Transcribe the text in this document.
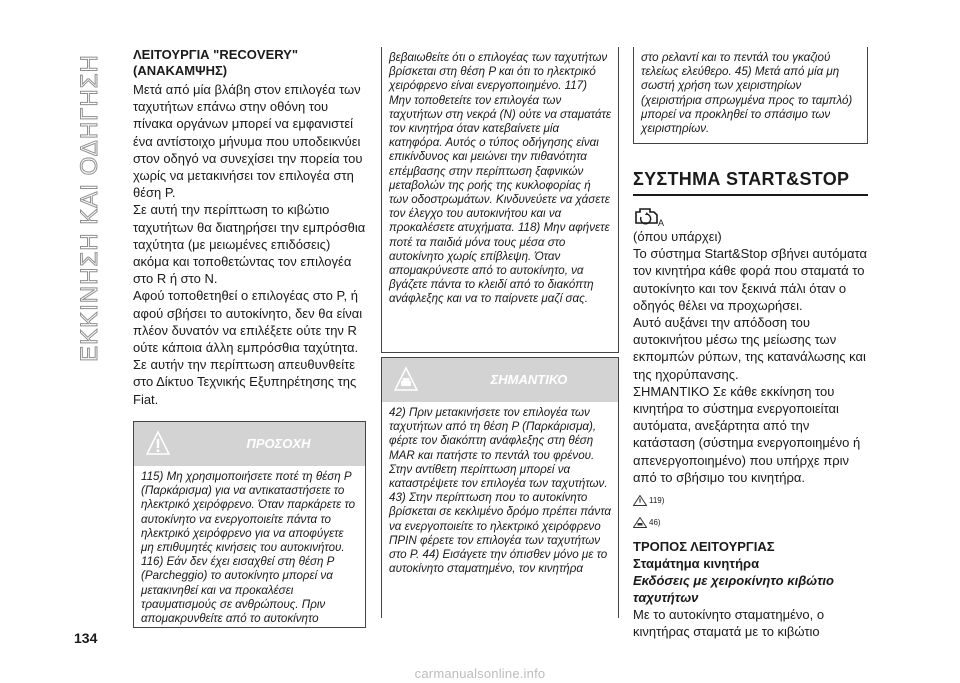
ΕΚΚΙΝΗΣΗ ΚΑΙ ΟΔΗΓΗΣΗ
134

ΛΕΙΤΟΥΡΓΙΑ "RECOVERY"
(ΑΝΑΚΑΜΨΗΣ)

Μετά από μία βλάβη στον επιλογέα των ταχυτήτων επάνω στην οθόνη του πίνακα οργάνων μπορεί να εμφανιστεί ένα αντίστοιχο μήνυμα που υποδεικνύει στον οδηγό να συνεχίσει την πορεία του χωρίς να μετακινήσει τον επιλογέα στη θέση P.

Σε αυτή την περίπτωση το κιβώτιο ταχυτήτων θα διατηρήσει την εμπρόσθια ταχύτητα (με μειωμένες επιδόσεις) ακόμα και τοποθετώντας τον επιλογέα στο R ή στο N.

Αφού τοποθετηθεί ο επιλογέας στο P, ή αφού σβήσει το αυτοκίνητο, δεν θα είναι πλέον δυνατόν να επιλέξετε ούτε την R ούτε κάποια άλλη εμπρόσθια ταχύτητα. Σε αυτήν την περίπτωση απευθυνθείτε στο Δίκτυο Τεχνικής Εξυπηρέτησης της Fiat.

ΠΡΟΣΟΧΗ

115) Μη χρησιμοποιήσετε ποτέ τη θέση P (Παρκάρισμα) για να αντικαταστήσετε το ηλεκτρικό χειρόφρενο. Όταν παρκάρετε το αυτοκίνητο να ενεργοποιείτε πάντα το ηλεκτρικό χειρόφρενο για να αποφύγετε μη επιθυμητές κινήσεις του αυτοκινήτου. 116) Εάν δεν έχει εισαχθεί στη θέση P (Parcheggio) το αυτοκίνητο μπορεί να μετακινηθεί και να προκαλέσει τραυματισμούς σε ανθρώπους. Πριν απομακρυνθείτε από το αυτοκίνητο

βεβαιωθείτε ότι ο επιλογέας των ταχυτήτων βρίσκεται στη θέση P και ότι το ηλεκτρικό χειρόφρενο είναι ενεργοποιημένο. 117) Μην τοποθετείτε τον επιλογέα των ταχυτήτων στη νεκρά (N) ούτε να σταματάτε τον κινητήρα όταν κατεβαίνετε μία κατηφόρα. Αυτός ο τύπος οδήγησης είναι επικίνδυνος και μειώνει την πιθανότητα επέμβασης στην περίπτωση ξαφνικών μεταβολών της ροής της κυκλοφορίας ή των οδοστρωμάτων. Κινδυνεύετε να χάσετε τον έλεγχο του αυτοκινήτου και να προκαλέσετε ατυχήματα. 118) Μην αφήνετε ποτέ τα παιδιά μόνα τους μέσα στο αυτοκίνητο χωρίς επίβλεψη. Όταν απομακρύνεστε από το αυτοκίνητο, να βγάζετε πάντα το κλειδί από το διακόπτη ανάφλεξης και να το παίρνετε μαζί σας.

ΣΗΜΑΝΤΙΚΟ

42) Πριν μετακινήσετε τον επιλογέα των ταχυτήτων από τη θέση P (Παρκάρισμα), φέρτε τον διακόπτη ανάφλεξης στη θέση MAR και πατήστε το πεντάλ του φρένου. Στην αντίθετη περίπτωση μπορεί να καταστρέψετε τον επιλογέα των ταχυτήτων. 43) Στην περίπτωση που το αυτοκίνητο βρίσκεται σε κεκλιμένο δρόμο πρέπει πάντα να ενεργοποιείτε το ηλεκτρικό χειρόφρενο ΠΡΙΝ φέρετε τον επιλογέα των ταχυτήτων στο P. 44) Εισάγετε την όπισθεν μόνο με το αυτοκίνητο σταματημένο, τον κινητήρα

στο ρελαντί και το πεντάλ του γκαζιού τελείως ελεύθερο. 45) Μετά από μία μη σωστή χρήση των χειριστηρίων (χειριστήρια σπρωγμένα προς το ταμπλό) μπορεί να προκληθεί το σπάσιμο των χειριστηρίων.

ΣΥΣΤΗΜΑ START&STOP

A

(όπου υπάρχει)

Το σύστημα Start&Stop σβήνει αυτόματα τον κινητήρα κάθε φορά που σταματά το αυτοκίνητο και τον ξεκινά πάλι όταν ο οδηγός θέλει να προχωρήσει.

Αυτό αυξάνει την απόδοση του αυτοκινήτου μέσω της μείωσης των εκπομπών ρύπων, της κατανάλωσης και της ηχορύπανσης.

ΣΗΜΑΝΤΙΚΟ Σε κάθε εκκίνηση του κινητήρα το σύστημα ενεργοποιείται αυτόματα, ανεξάρτητα από την κατάσταση (σύστημα ενεργοποιημένο ή απενεργοποιημένο) που υπήρχε πριν από το σβήσιμο του κινητήρα.

119)
46)

ΤΡΟΠΟΣ ΛΕΙΤΟΥΡΓΙΑΣ

Σταμάτημα κινητήρα

Εκδόσεις με χειροκίνητο κιβώτιο ταχυτήτων

Με το αυτοκίνητο σταματημένο, ο κινητήρας σταματά με το κιβώτιο

carmanualsonline.info
